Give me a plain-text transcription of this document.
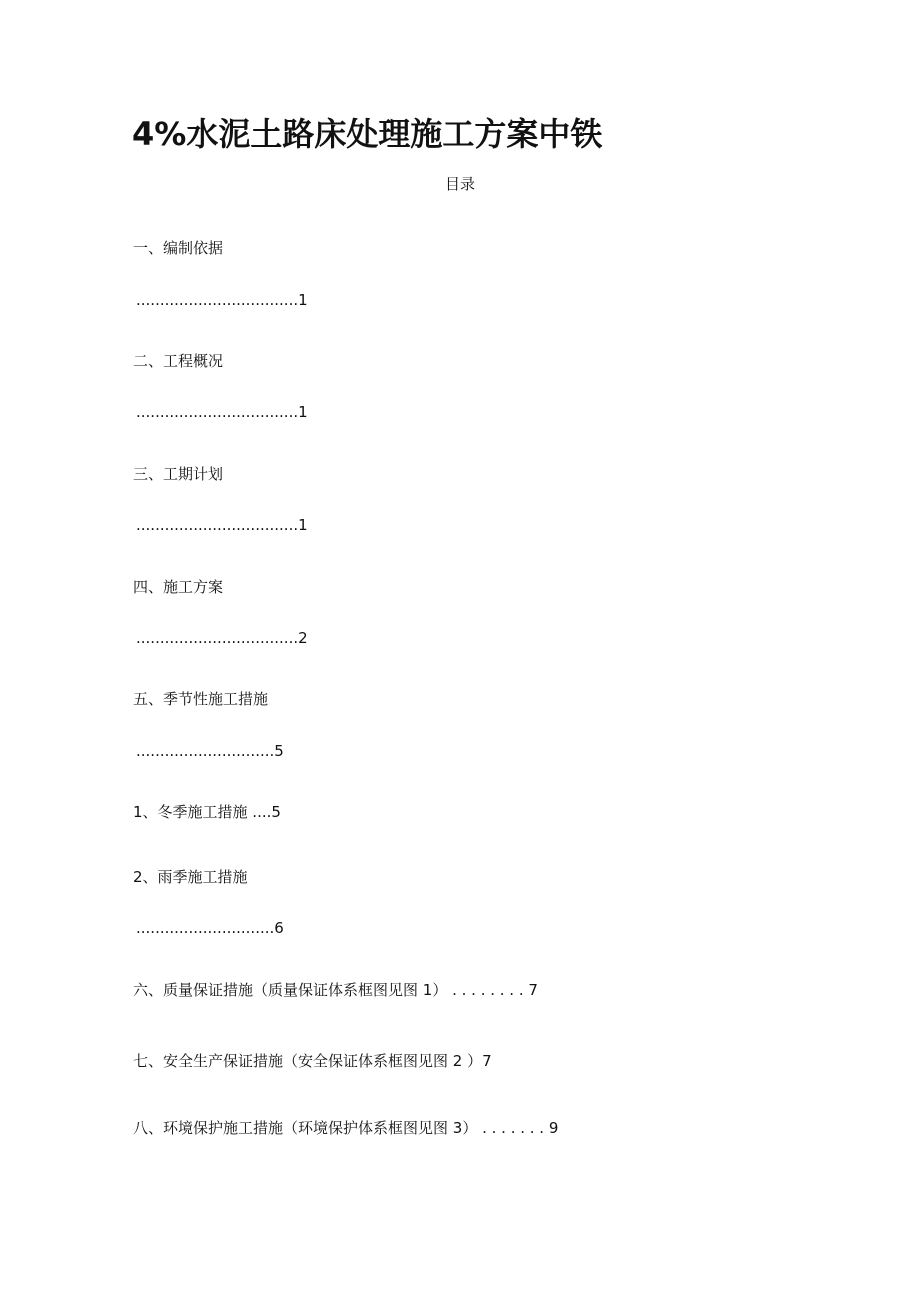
4%水泥土路床处理施工方案中铁
目录
一、编制依据
..................................1
二、工程概况
..................................1
三、工期计划
..................................1
四、施工方案
..................................2
五、季节性施工措施
.............................5
1、冬季施工措施 ....5
2、雨季施工措施
.............................6
六、质量保证措施（质量保证体系框图见图 1） . . . . . . . . 7
七、安全生产保证措施（安全保证体系框图见图 2 ）7
八、环境保护施工措施（环境保护体系框图见图 3） . . . . . . . 9
